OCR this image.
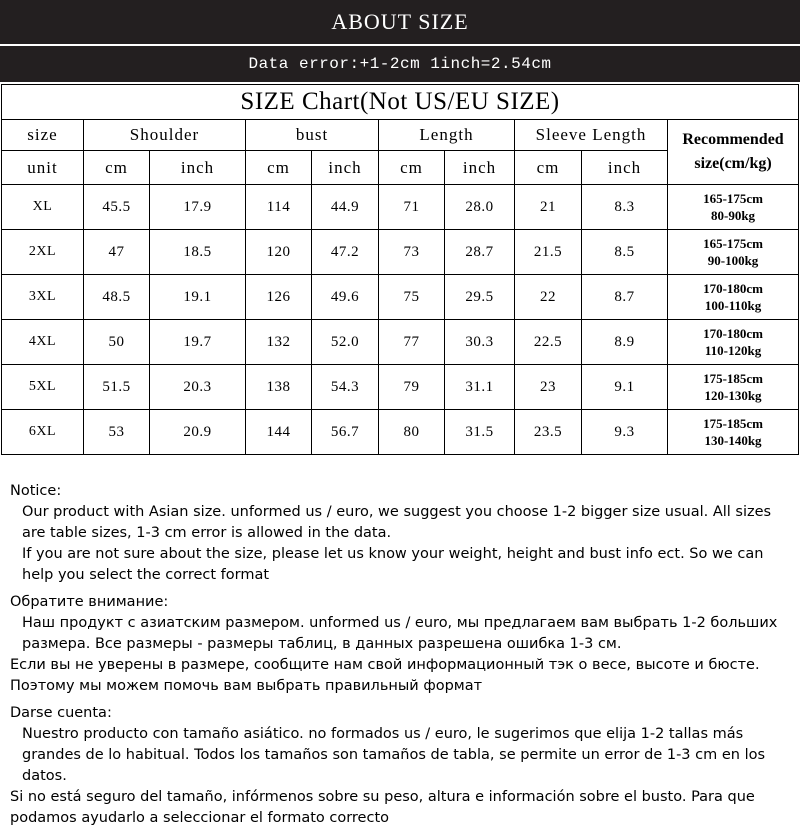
ABOUT SIZE
Data error:+1-2cm 1inch=2.54cm
SIZE Chart(Not US/EU SIZE)									
size	Shoulder		bust		Length		Sleeve Length		Recommended
size(cm/kg)
unit	cm	inch	cm	inch	cm	inch	cm	inch	
XL	45.5	17.9	114	44.9	71	28.0	21	8.3	165-175cm
80-90kg
2XL	47	18.5	120	47.2	73	28.7	21.5	8.5	165-175cm
90-100kg
3XL	48.5	19.1	126	49.6	75	29.5	22	8.7	170-180cm
100-110kg
4XL	50	19.7	132	52.0	77	30.3	22.5	8.9	170-180cm
110-120kg
5XL	51.5	20.3	138	54.3	79	31.1	23	9.1	175-185cm
120-130kg
6XL	53	20.9	144	56.7	80	31.5	23.5	9.3	175-185cm
130-140kg

Notice:

Our product with Asian size. unformed us / euro, we suggest you choose 1-2 bigger size usual. All sizes are table sizes, 1-3 cm error is allowed in the data.

If you are not sure about the size, please let us know your weight, height and bust info ect. So we can help you select the correct format

Обратите внимание:

Наш продукт с азиатским размером. unformed us / euro, мы предлагаем вам выбрать 1-2 больших размера. Все размеры - размеры таблиц, в данных разрешена ошибка 1-3 см.

Если вы не уверены в размере, сообщите нам свой информационный тэк о весе, высоте и бюсте. Поэтому мы можем помочь вам выбрать правильный формат

Darse cuenta:

Nuestro producto con tamaño asiático. no formados us / euro, le sugerimos que elija 1-2 tallas más grandes de lo habitual. Todos los tamaños son tamaños de tabla, se permite un error de 1-3 cm en los datos.

Si no está seguro del tamaño, infórmenos sobre su peso, altura e información sobre el busto. Para que podamos ayudarlo a seleccionar el formato correcto
